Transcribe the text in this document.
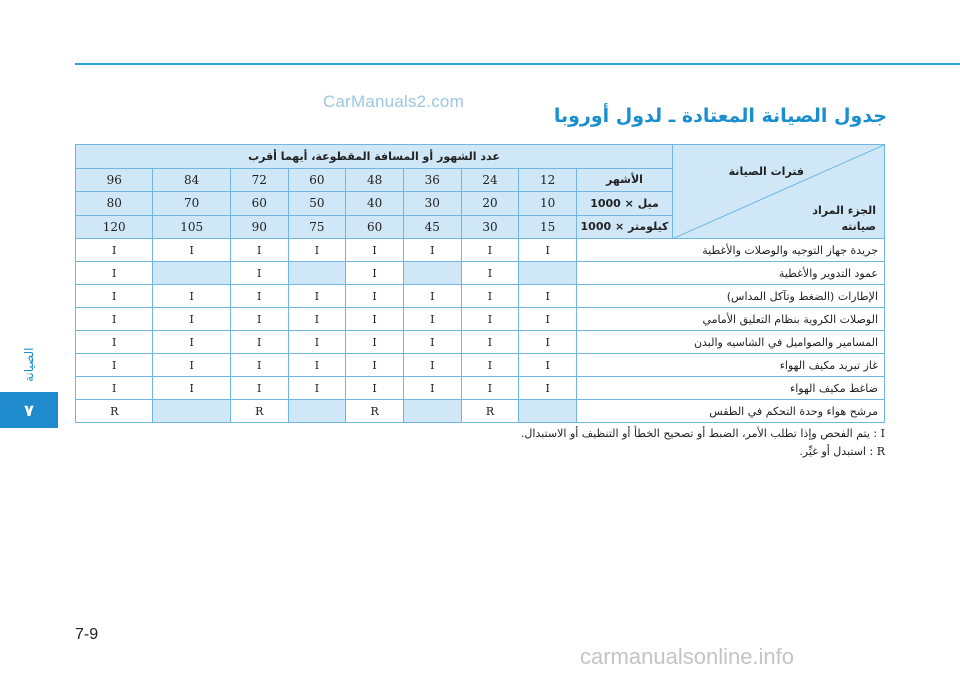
CarManuals2.com
جدول الصيانة المعتادة ـ لدول أوروبا
الصيانة
٧
فترات الصيانة
الجزء المراد
صيانته	عدد الشهور أو المسافة المقطوعة، أيهما أقرب								
	الأشهر	12	24	36	48	60	72	84	96
	ميل × 1000	10	20	30	40	50	60	70	80
	كيلومتر × 1000	15	30	45	60	75	90	105	120
جريدة جهاز التوجيه والوصلات والأغطية		I	I	I	I	I	I	I	I
عمود التدوير والأغطية			I		I		I		I
الإطارات (الضغط وتآكل المداس)		I	I	I	I	I	I	I	I
الوصلات الكروية بنظام التعليق الأمامي		I	I	I	I	I	I	I	I
المسامير والصواميل في الشاسيه والبدن		I	I	I	I	I	I	I	I
غاز تبريد مكيف الهواء		I	I	I	I	I	I	I	I
ضاغط مكيف الهواء		I	I	I	I	I	I	I	I
مرشح هواء وحدة التحكم في الطقس			R		R		R		R
I : يتم الفحص وإذا تطلب الأمر، الضبط أو تصحيح الخطأ أو التنظيف أو الاستبدال.
R : استبدل أو غيِّر.
7-9
carmanualsonline.info
